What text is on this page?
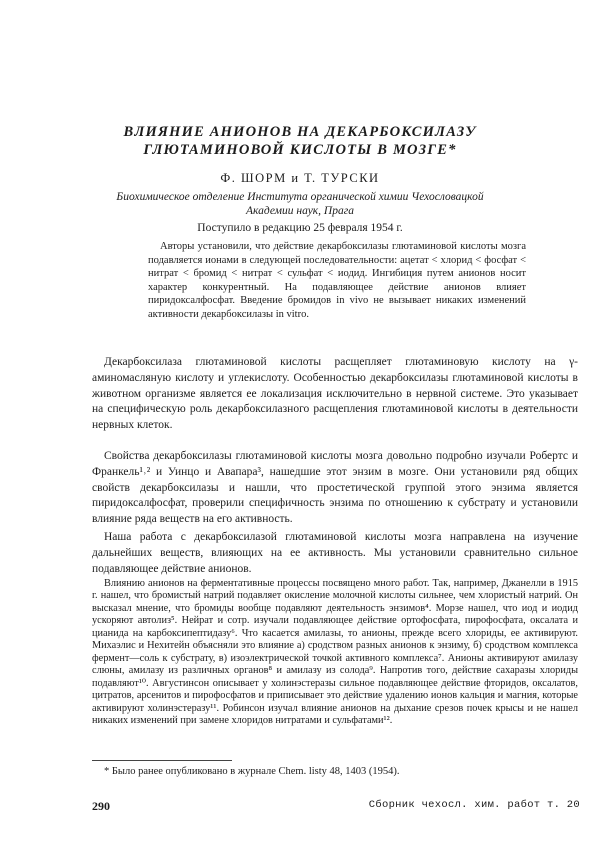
ВЛИЯНИЕ АНИОНОВ НА ДЕКАРБОКСИЛАЗУ
ГЛЮТАМИНОВОЙ КИСЛОТЫ В МОЗГЕ*
Ф. ШОРМ и Т. ТУРСКИ
Биохимическое отделение Института органической химии Чехословацкой Академии наук, Прага
Поступило в редакцию 25 февраля 1954 г.

Авторы установили, что действие декарбоксилазы глютаминовой кислоты мозга подавляется ионами в следующей последовательности: ацетат < хлорид < фосфат < нитрат < бромид < нитрат < сульфат < иодид. Ингибиция путем анионов носит характер конкурентный. На подавляющее действие анионов влияет пиридоксалфосфат. Введение бромидов in vivo не вызывает никаких изменений активности декарбоксилазы in vitro.

Декарбоксилаза глютаминовой кислоты расщепляет глютаминовую кислоту на γ-аминомасляную кислоту и углекислоту. Особенностью декарбоксилазы глютаминовой кислоты в животном организме является ее локализация исключительно в нервной системе. Это указывает на специфическую роль декарбоксилазного расщепления глютаминовой кислоты в деятельности нервных клеток.

Свойства декарбоксилазы глютаминовой кислоты мозга довольно подробно изучали Робертс и Франкель¹˒² и Уинцо и Авапара³, нашедшие этот энзим в мозге. Они установили ряд общих свойств декарбоксилазы и нашли, что простетической группой этого энзима является пиридоксалфосфат, проверили специфичность энзима по отношению к субстрату и установили влияние ряда веществ на его активность.

Наша работа с декарбоксилазой глютаминовой кислоты мозга направлена на изучение дальнейших веществ, влияющих на ее активность. Мы установили сравнительно сильное подавляющее действие анионов.

Влиянию анионов на ферментативные процессы посвящено много работ. Так, например, Джанелли в 1915 г. нашел, что бромистый натрий подавляет окисление молочной кислоты сильнее, чем хлористый натрий. Он высказал мнение, что бромиды вообще подавляют деятельность энзимов⁴. Морзе нашел, что иод и иодид ускоряют автолиз⁵. Нейрат и сотр. изучали подавляющее действие ортофосфата, пирофосфата, оксалата и цианида на карбоксипептидазу⁶. Что касается амилазы, то анионы, прежде всего хлориды, ее активируют. Михаэлис и Нехитейн объясняли это влияние а) сродством разных анионов к энзиму, б) сродством комплекса фермент—соль к субстрату, в) изоэлектрической точкой активного комплекса⁷. Анионы активируют амилазу слюны, амилазу из различных органов⁸ и амилазу из солода⁹. Напротив того, действие сахаразы хлориды подавляют¹⁰. Августинсон описывает у холинэстеразы сильное подавляющее действие фторидов, оксалатов, цитратов, арсенитов и пирофосфатов и приписывает это действие удалению ионов кальция и магния, которые активируют холинэстеразу¹¹. Робинсон изучал влияние анионов на дыхание срезов почек крысы и не нашел никаких изменений при замене хлоридов нитратами и сульфатами¹².

* Было ранее опубликовано в журнале Chem. listy 48, 1403 (1954).

290	Сборник чехосл. хим. работ т. 20
